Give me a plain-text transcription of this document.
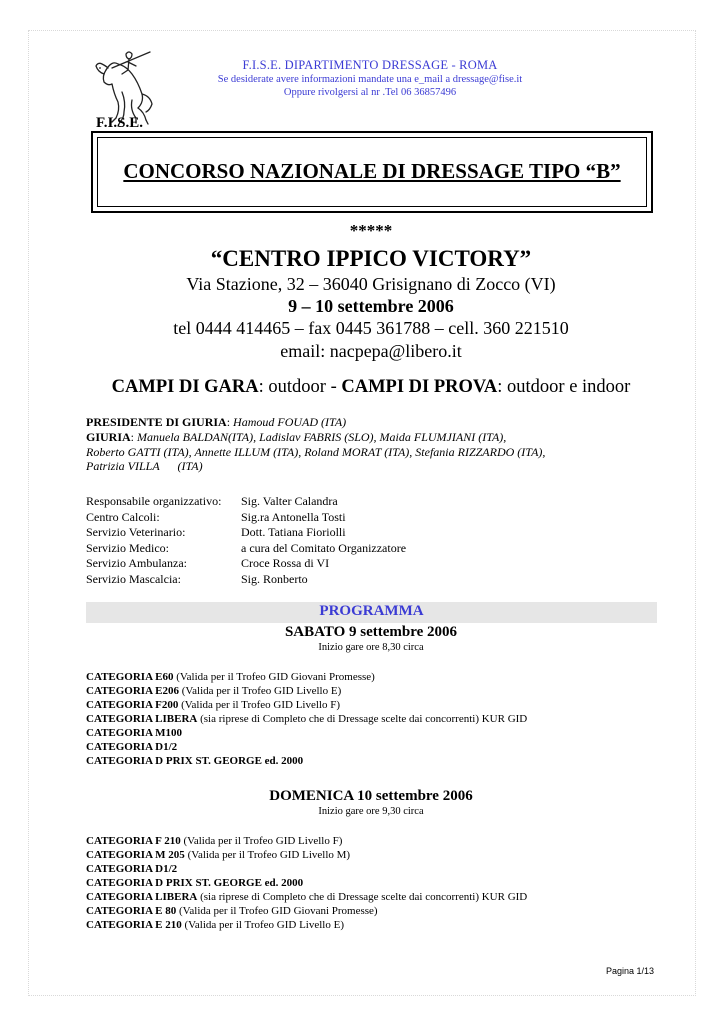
F.I.S.E.
F.I.S.E. DIPARTIMENTO DRESSAGE - ROMA
Se desiderate avere informazioni mandate una e_mail a dressage@fise.it
Oppure rivolgersi al nr .Tel 06 36857496
CONCORSO NAZIONALE DI DRESSAGE TIPO “B”
*****
“CENTRO IPPICO VICTORY”
Via Stazione, 32 – 36040 Grisignano di Zocco (VI)
9 – 10 settembre 2006
tel 0444 414465 – fax 0445 361788 – cell. 360 221510
email: nacpepa@libero.it
CAMPI DI GARA: outdoor - CAMPI DI PROVA: outdoor e indoor
PRESIDENTE DI GIURIA: Hamoud FOUAD (ITA)
GIURIA: Manuela BALDAN(ITA), Ladislav FABRIS (SLO), Maida FLUMJIANI (ITA),
Roberto GATTI (ITA), Annette ILLUM (ITA), Roland MORAT (ITA), Stefania RIZZARDO (ITA),
Patrizia VILLA      (ITA)
Responsabile organizzativo:	Sig. Valter Calandra
Centro Calcoli:	Sig.ra Antonella Tosti
Servizio Veterinario:	Dott. Tatiana Fioriolli
Servizio Medico:	a cura del Comitato Organizzatore
Servizio Ambulanza:	Croce Rossa di VI
Servizio Mascalcia:	Sig. Ronberto
PROGRAMMA
SABATO 9 settembre 2006
Inizio gare ore 8,30 circa
CATEGORIA E60 (Valida per il Trofeo GID Giovani Promesse)
CATEGORIA E206 (Valida per il Trofeo GID Livello E)
CATEGORIA F200 (Valida per il Trofeo GID Livello F)
CATEGORIA LIBERA (sia riprese di Completo che di Dressage scelte dai concorrenti) KUR GID
CATEGORIA M100
CATEGORIA D1/2
CATEGORIA D PRIX ST. GEORGE ed. 2000
DOMENICA 10 settembre 2006
Inizio gare ore 9,30 circa
CATEGORIA F 210 (Valida per il Trofeo GID Livello F)
CATEGORIA M 205 (Valida per il Trofeo GID Livello M)
CATEGORIA D1/2
CATEGORIA D PRIX ST. GEORGE ed. 2000
CATEGORIA LIBERA (sia riprese di Completo che di Dressage scelte dai concorrenti) KUR GID
CATEGORIA E 80 (Valida per il Trofeo GID Giovani Promesse)
CATEGORIA E 210 (Valida per il Trofeo GID Livello E)
Pagina 1/13
